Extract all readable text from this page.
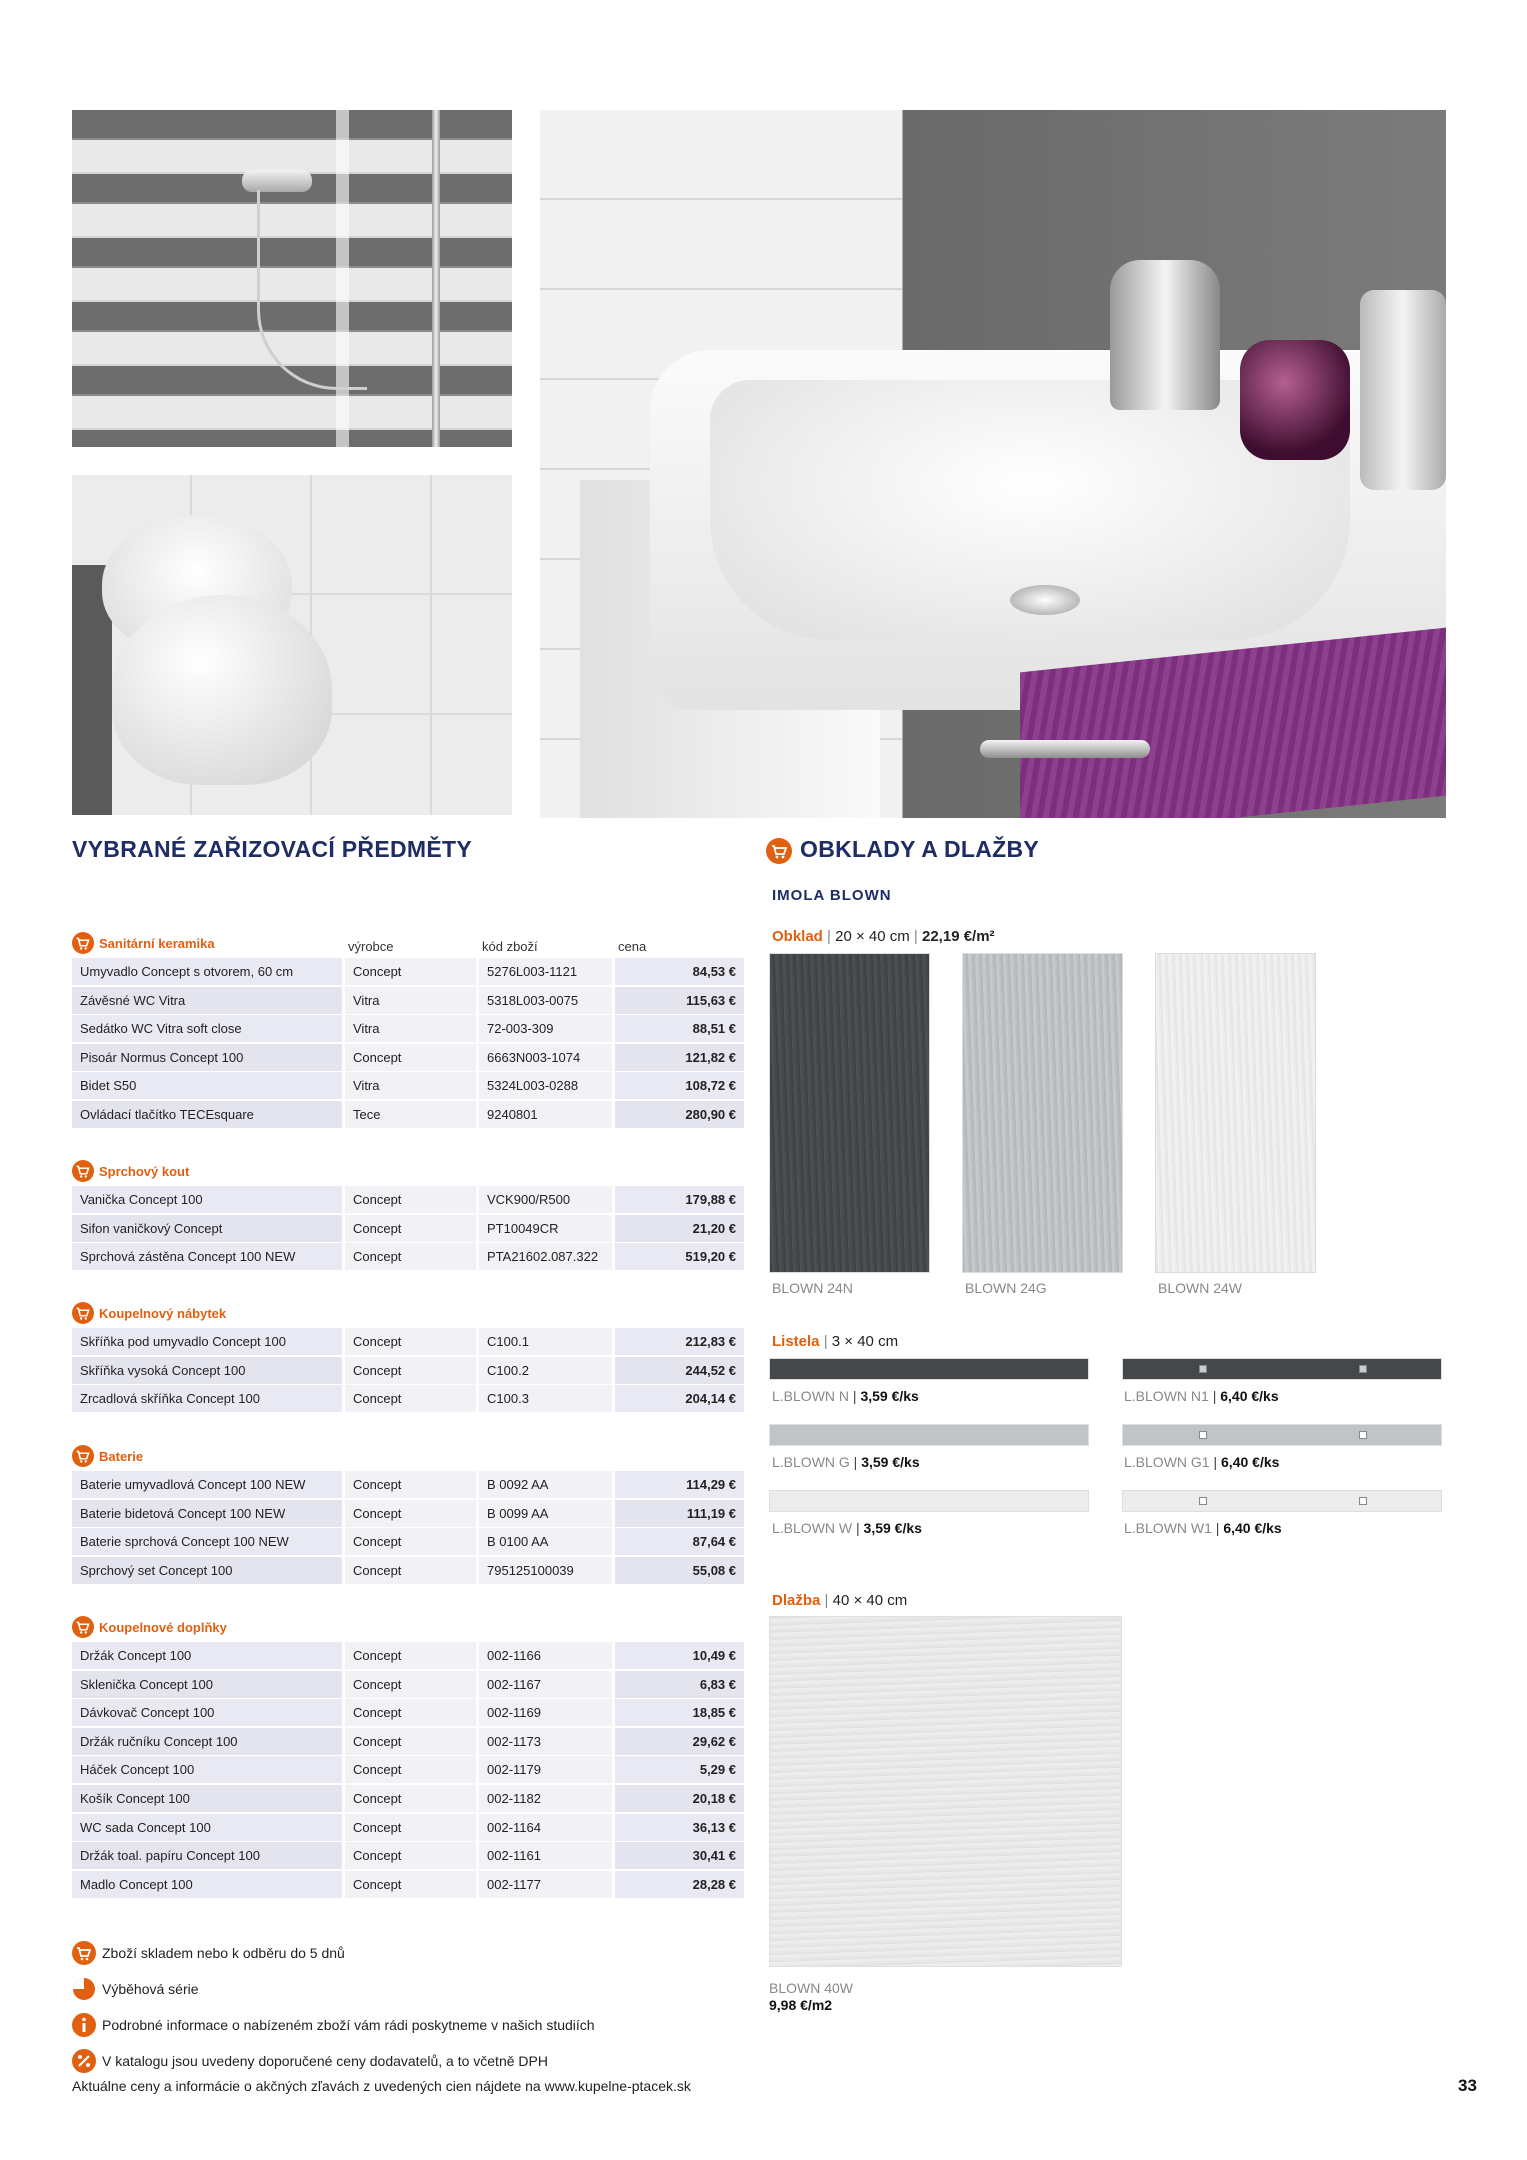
VYBRANÉ ZAŘIZOVACÍ PŘEDMĚTY	OBKLADY A DLAŽBY
IMOLA BLOWN
Sanitární keramika	výrobce	kód zboží	cena
Umyvadlo Concept s otvorem, 60 cm	Concept	5276L003-1121	84,53 €
Závěsné WC Vitra	Vitra	5318L003-0075	115,63 €
Sedátko WC Vitra soft close	Vitra	72-003-309	88,51 €
Pisoár Normus Concept 100	Concept	6663N003-1074	121,82 €
Bidet S50	Vitra	5324L003-0288	108,72 €
Ovládací tlačítko TECEsquare	Tece	9240801	280,90 €
Sprchový kout
Vanička Concept 100	Concept	VCK900/R500	179,88 €
Sifon vaničkový Concept	Concept	PT10049CR	21,20 €
Sprchová zástěna Concept 100 NEW	Concept	PTA21602.087.322	519,20 €
Koupelnový nábytek
Skříňka pod umyvadlo Concept 100	Concept	C100.1	212,83 €
Skříňka vysoká Concept 100	Concept	C100.2	244,52 €
Zrcadlová skříňka Concept 100	Concept	C100.3	204,14 €
Baterie
Baterie umyvadlová Concept 100 NEW	Concept	B 0092 AA	114,29 €
Baterie bidetová Concept 100 NEW	Concept	B 0099 AA	111,19 €
Baterie sprchová Concept 100 NEW	Concept	B 0100 AA	87,64 €
Sprchový set Concept 100	Concept	795125100039	55,08 €
Koupelnové doplňky
Držák Concept 100	Concept	002-1166	10,49 €
Sklenička Concept 100	Concept	002-1167	6,83 €
Dávkovač Concept 100	Concept	002-1169	18,85 €
Držák ručníku Concept 100	Concept	002-1173	29,62 €
Háček Concept 100	Concept	002-1179	5,29 €
Košík Concept 100	Concept	002-1182	20,18 €
WC sada Concept 100	Concept	002-1164	36,13 €
Držák toal. papíru Concept 100	Concept	002-1161	30,41 €
Madlo Concept 100	Concept	002-1177	28,28 €
Zboží skladem nebo k odběru do 5 dnů
Výběhová série
Podrobné informace o nabízeném zboží vám rádi poskytneme v našich studiích
V katalogu jsou uvedeny doporučené ceny dodavatelů, a to včetně DPH
Aktuálne ceny a informácie o akčných zľavách z uvedených cien nájdete na www.kupelne-ptacek.sk	33
Obklad | 20 × 40 cm | 22,19 €/m²
BLOWN 24N	BLOWN 24G	BLOWN 24W
Listela | 3 × 40 cm
L.BLOWN N | 3,59 €/ks	L.BLOWN N1 | 6,40 €/ks
L.BLOWN G | 3,59 €/ks	L.BLOWN G1 | 6,40 €/ks
L.BLOWN W | 3,59 €/ks	L.BLOWN W1 | 6,40 €/ks
Dlažba | 40 × 40 cm
BLOWN 40W
9,98 €/m2
